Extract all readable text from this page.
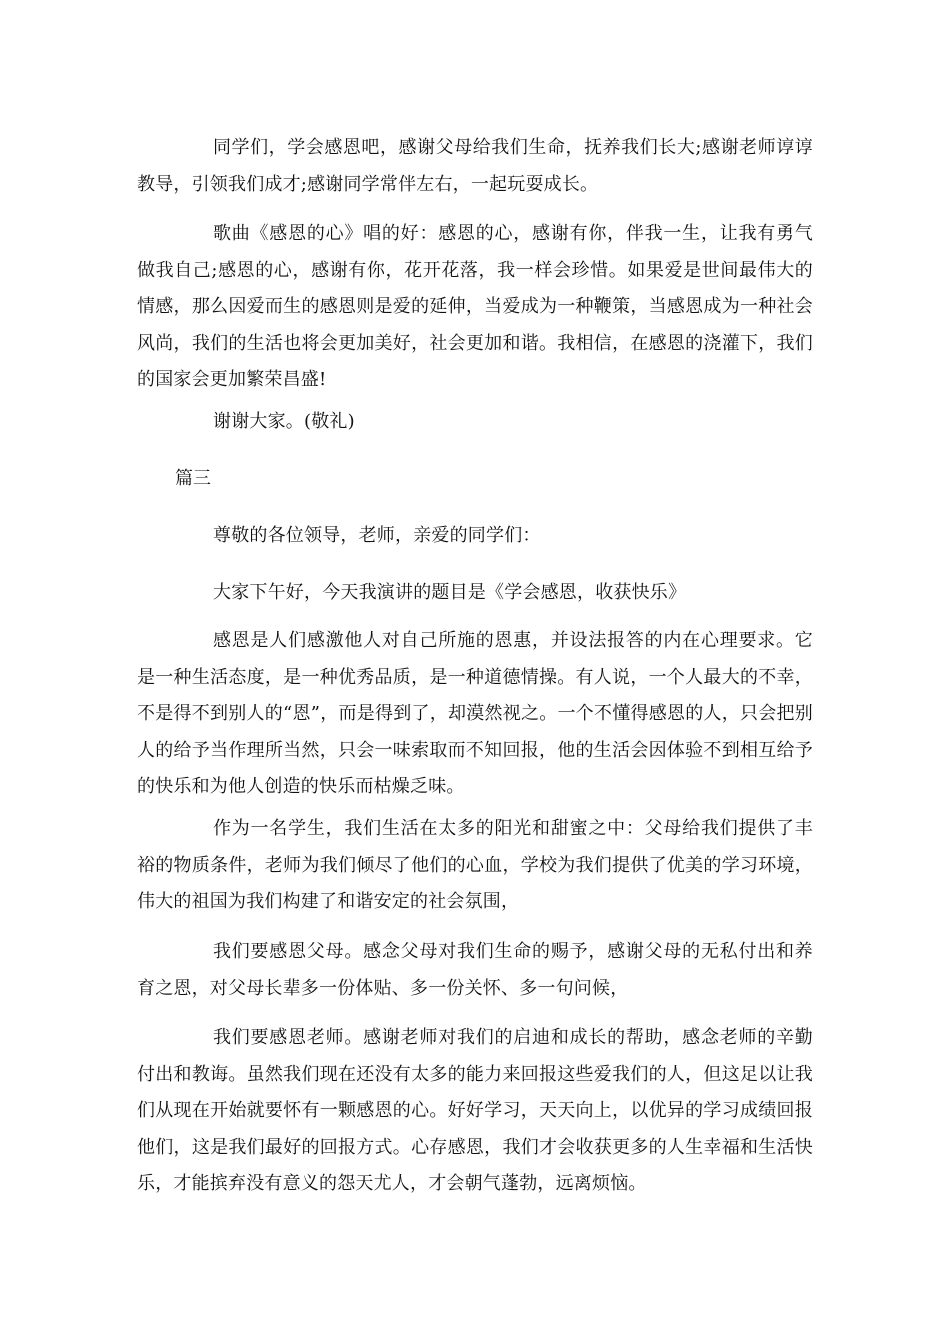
同学们，学会感恩吧，感谢父母给我们生命，抚养我们长大;感谢老师谆谆教导，引领我们成才;感谢同学常伴左右，一起玩耍成长。

歌曲《感恩的心》唱的好：感恩的心，感谢有你，伴我一生，让我有勇气做我自己;感恩的心，感谢有你，花开花落，我一样会珍惜。如果爱是世间最伟大的情感，那么因爱而生的感恩则是爱的延伸，当爱成为一种鞭策，当感恩成为一种社会风尚，我们的生活也将会更加美好，社会更加和谐。我相信，在感恩的浇灌下，我们的国家会更加繁荣昌盛!

谢谢大家。(敬礼)

篇三

尊敬的各位领导，老师，亲爱的同学们：

大家下午好，今天我演讲的题目是《学会感恩，收获快乐》

感恩是人们感激他人对自己所施的恩惠，并设法报答的内在心理要求。它是一种生活态度，是一种优秀品质，是一种道德情操。有人说，一个人最大的不幸，不是得不到别人的“恩”，而是得到了，却漠然视之。一个不懂得感恩的人，只会把别人的给予当作理所当然，只会一味索取而不知回报，他的生活会因体验不到相互给予的快乐和为他人创造的快乐而枯燥乏味。

作为一名学生，我们生活在太多的阳光和甜蜜之中：父母给我们提供了丰裕的物质条件，老师为我们倾尽了他们的心血，学校为我们提供了优美的学习环境，伟大的祖国为我们构建了和谐安定的社会氛围，

我们要感恩父母。感念父母对我们生命的赐予，感谢父母的无私付出和养育之恩，对父母长辈多一份体贴、多一份关怀、多一句问候，

我们要感恩老师。感谢老师对我们的启迪和成长的帮助，感念老师的辛勤付出和教诲。虽然我们现在还没有太多的能力来回报这些爱我们的人，但这足以让我们从现在开始就要怀有一颗感恩的心。好好学习，天天向上，以优异的学习成绩回报他们，这是我们最好的回报方式。心存感恩，我们才会收获更多的人生幸福和生活快乐，才能摈弃没有意义的怨天尤人，才会朝气蓬勃，远离烦恼。
